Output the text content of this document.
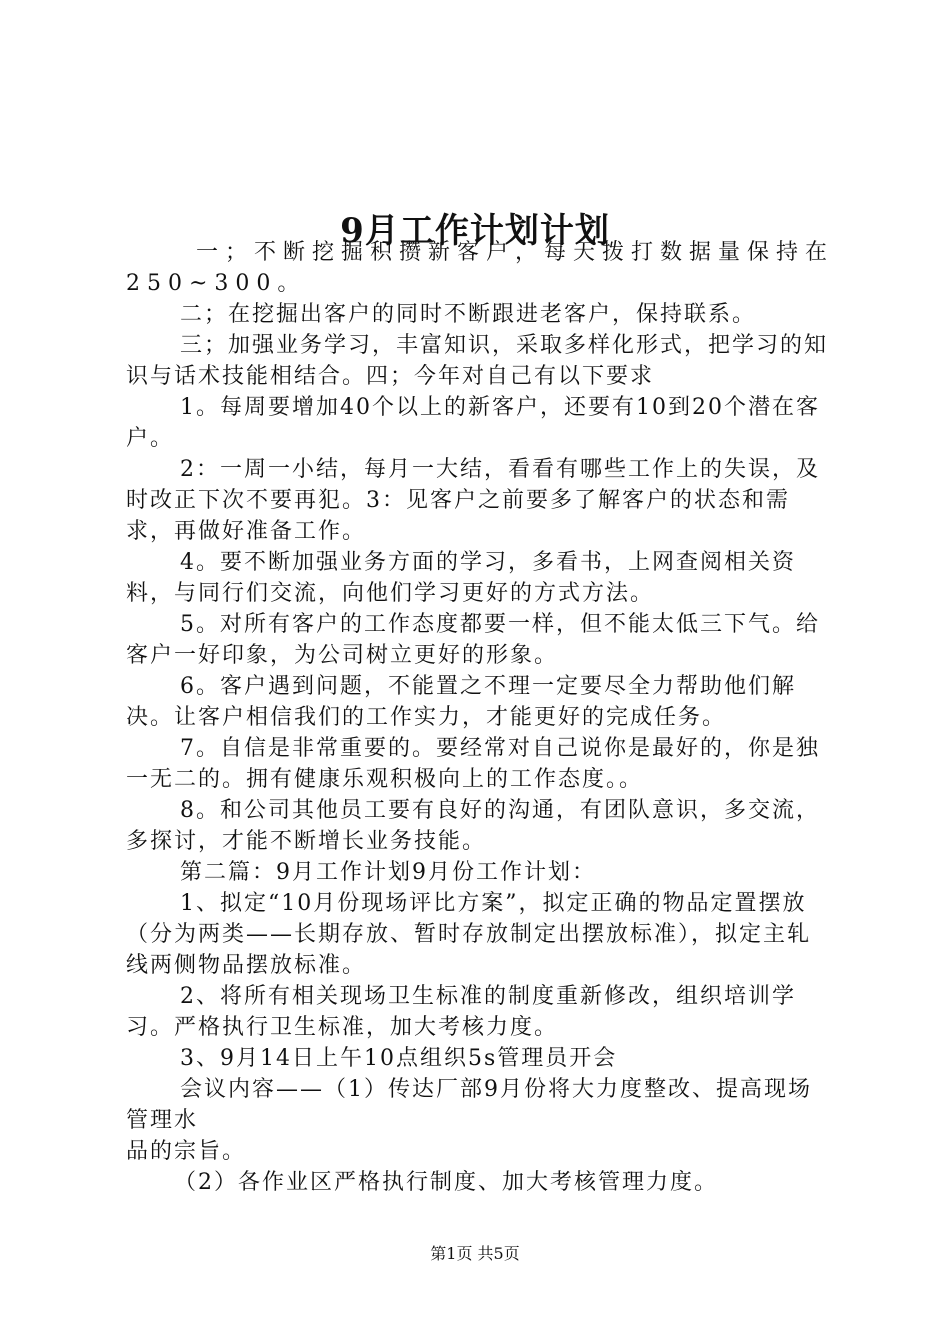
9月工作计划计划

一；不断挖掘积攒新客户，每天拨打数据量保持在250~300。

二；在挖掘出客户的同时不断跟进老客户，保持联系。

三；加强业务学习，丰富知识，采取多样化形式，把学习的知识与话术技能相结合。四；今年对自己有以下要求

1。每周要增加40个以上的新客户，还要有10到20个潜在客户。

2：一周一小结，每月一大结，看看有哪些工作上的失误，及时改正下次不要再犯。3：见客户之前要多了解客户的状态和需求，再做好准备工作。

4。要不断加强业务方面的学习，多看书，上网查阅相关资料，与同行们交流，向他们学习更好的方式方法。

5。对所有客户的工作态度都要一样，但不能太低三下气。给客户一好印象，为公司树立更好的形象。

6。客户遇到问题，不能置之不理一定要尽全力帮助他们解决。让客户相信我们的工作实力，才能更好的完成任务。

7。自信是非常重要的。要经常对自己说你是最好的，你是独一无二的。拥有健康乐观积极向上的工作态度。。

8。和公司其他员工要有良好的沟通，有团队意识，多交流，多探讨，才能不断增长业务技能。

第二篇：9月工作计划9月份工作计划：

1、拟定“10月份现场评比方案”，拟定正确的物品定置摆放（分为两类——长期存放、暂时存放制定出摆放标准），拟定主轧线两侧物品摆放标准。

2、将所有相关现场卫生标准的制度重新修改，组织培训学习。严格执行卫生标准，加大考核力度。

3、9月14日上午10点组织5s管理员开会

会议内容——（1）传达厂部9月份将大力度整改、提高现场管理水

品的宗旨。

（2）各作业区严格执行制度、加大考核管理力度。

第1页 共5页
